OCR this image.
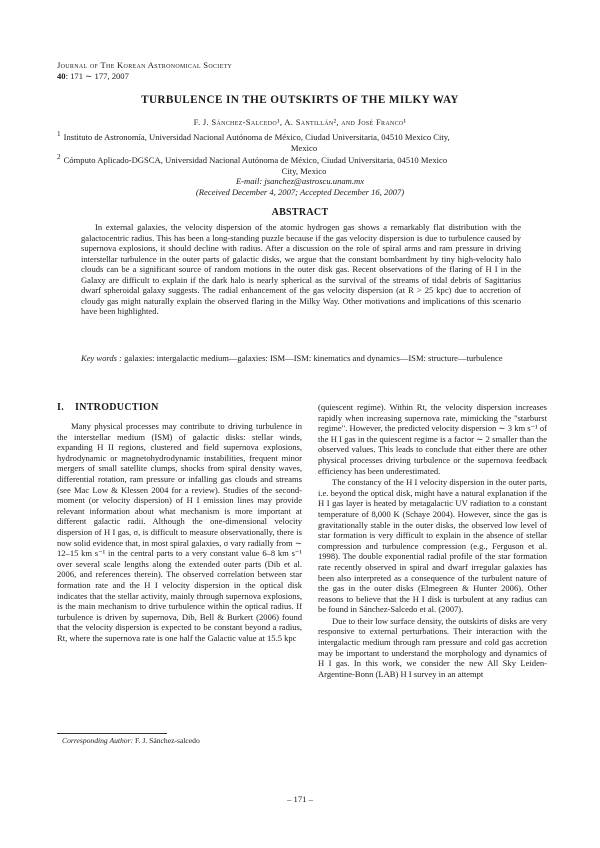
Journal of The Korean Astronomical Society
40: 171 ∼ 177, 2007
TURBULENCE IN THE OUTSKIRTS OF THE MILKY WAY
F. J. Sánchez-Salcedo¹, A. Santillán², and José Franco¹
$^1$ Instituto de Astronomía, Universidad Nacional Autónoma de México, Ciudad Universitaria, 04510 Mexico City,
Mexico
$^2$ Cómputo Aplicado-DGSCA, Universidad Nacional Autónoma de México, Ciudad Universitaria, 04510 Mexico
City, Mexico
E-mail: jsanchez@astroscu.unam.mx
(Received December 4, 2007; Accepted December 16, 2007)
ABSTRACT

In external galaxies, the velocity dispersion of the atomic hydrogen gas shows a remarkably flat distribution with the galactocentric radius. This has been a long-standing puzzle because if the gas velocity dispersion is due to turbulence caused by supernova explosions, it should decline with radius. After a discussion on the role of spiral arms and ram pressure in driving interstellar turbulence in the outer parts of galactic disks, we argue that the constant bombardment by tiny high-velocity halo clouds can be a significant source of random motions in the outer disk gas. Recent observations of the flaring of H I in the Galaxy are difficult to explain if the dark halo is nearly spherical as the survival of the streams of tidal debris of Sagittarius dwarf spheroidal galaxy suggests. The radial enhancement of the gas velocity dispersion (at R > 25 kpc) due to accretion of cloudy gas might naturally explain the observed flaring in the Milky Way. Other motivations and implications of this scenario have been highlighted.

Key words : galaxies: intergalactic medium—galaxies: ISM—ISM: kinematics and dynamics—ISM: structure—turbulence
I. INTRODUCTION

Many physical processes may contribute to driving turbulence in the interstellar medium (ISM) of galactic disks: stellar winds, expanding H II regions, clustered and field supernova explosions, hydrodynamic or magnetohydrodynamic instabilities, frequent minor mergers of small satellite clumps, shocks from spiral density waves, differential rotation, ram pressure or infalling gas clouds and streams (see Mac Low & Klessen 2004 for a review). Studies of the second-moment (or velocity dispersion) of H I emission lines may provide relevant information about what mechanism is more important at different galactic radii. Although the one-dimensional velocity dispersion of H I gas, σ, is difficult to measure observationally, there is now solid evidence that, in most spiral galaxies, σ vary radially from ∼ 12–15 km s⁻¹ in the central parts to a very constant value 6–8 km s⁻¹ over several scale lengths along the extended outer parts (Dib et al. 2006, and references therein). The observed correlation between star formation rate and the H I velocity dispersion in the optical disk indicates that the stellar activity, mainly through supernova explosions, is the main mechanism to drive turbulence within the optical radius. If turbulence is driven by supernova, Dib, Bell & Burkert (2006) found that the velocity dispersion is expected to be constant beyond a radius, Rt, where the supernova rate is one half the Galactic value at 15.5 kpc

(quiescent regime). Within Rt, the velocity dispersion increases rapidly when increasing supernova rate, mimicking the "starburst regime". However, the predicted velocity dispersion ∼ 3 km s⁻¹ of the H I gas in the quiescent regime is a factor ∼ 2 smaller than the observed values. This leads to conclude that either there are other physical processes driving turbulence or the supernova feedback efficiency has been underestimated.

The constancy of the H I velocity dispersion in the outer parts, i.e. beyond the optical disk, might have a natural explanation if the H I gas layer is heated by metagalactic UV radiation to a constant temperature of 8,000 K (Schaye 2004). However, since the gas is gravitationally stable in the outer disks, the observed low level of star formation is very difficult to explain in the absence of stellar compression and turbulence compression (e.g., Ferguson et al. 1998). The double exponential radial profile of the star formation rate recently observed in spiral and dwarf irregular galaxies has been also interpreted as a consequence of the turbulent nature of the gas in the outer disks (Elmegreen & Hunter 2006). Other reasons to believe that the H I disk is turbulent at any radius can be found in Sánchez-Salcedo et al. (2007).

Due to their low surface density, the outskirts of disks are very responsive to external perturbations. Their interaction with the intergalactic medium through ram pressure and cold gas accretion may be important to understand the morphology and dynamics of H I gas. In this work, we consider the new All Sky Leiden-Argentine-Bonn (LAB) H I survey in an attempt

Corresponding Author: F. J. Sánchez-salcedo
– 171 –
